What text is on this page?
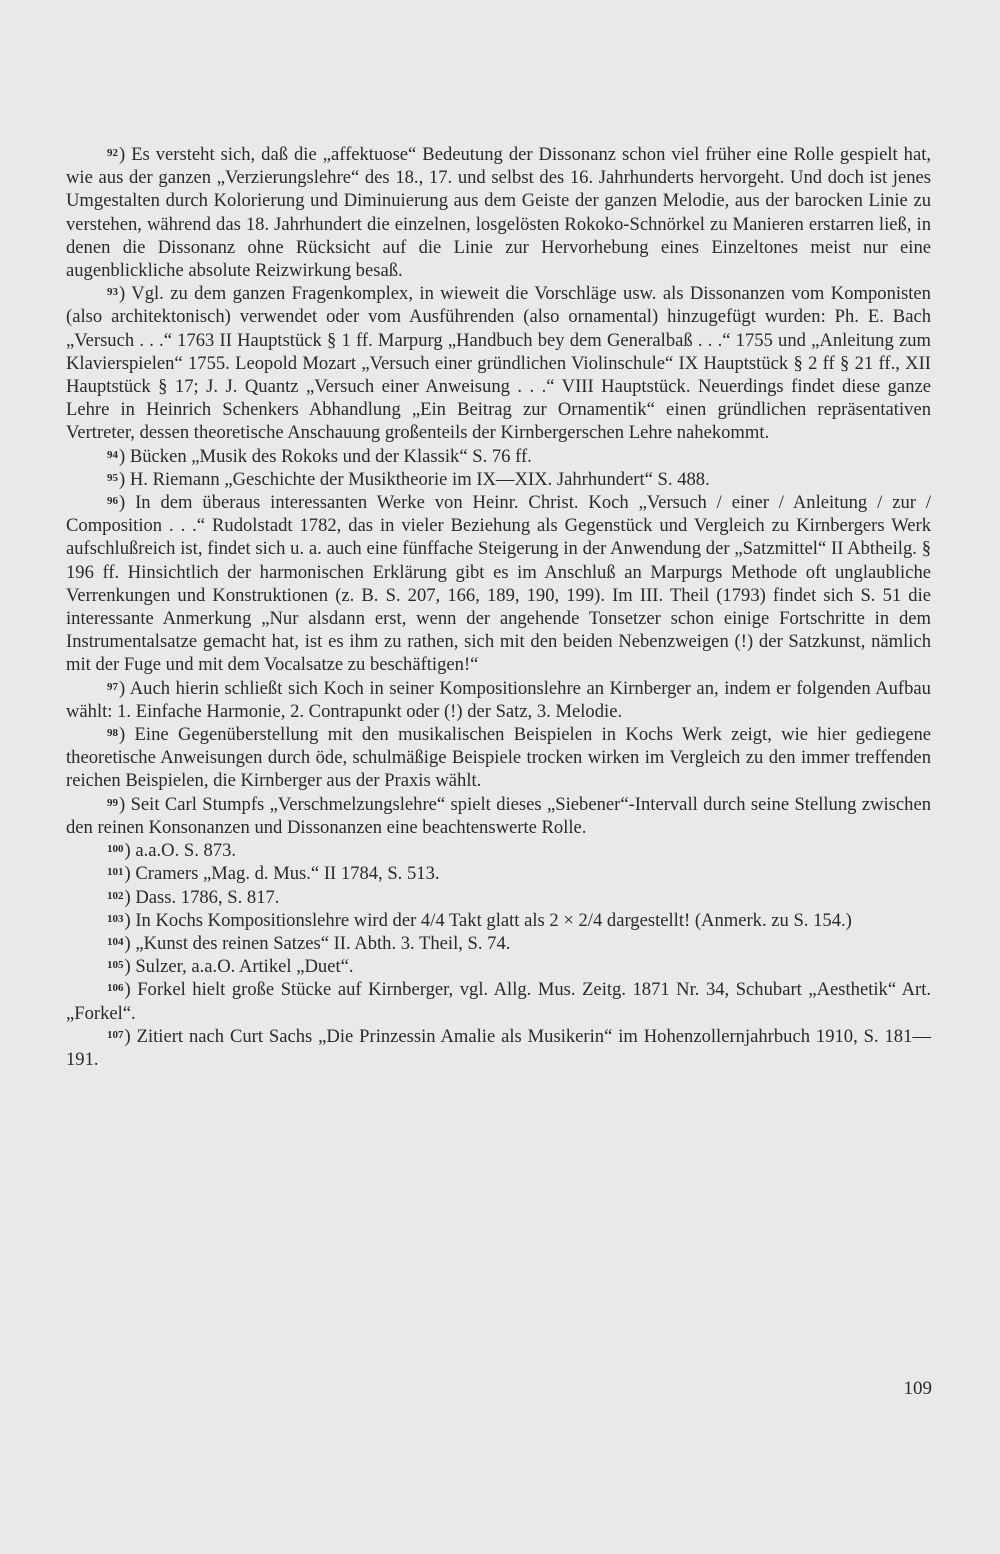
$^{92}$) Es versteht sich, daß die „affektuose“ Bedeutung der Dissonanz schon viel früher eine Rolle gespielt hat, wie aus der ganzen „Verzierungslehre“ des 18., 17. und selbst des 16. Jahrhunderts hervorgeht. Und doch ist jenes Umgestalten durch Kolorierung und Diminuierung aus dem Geiste der ganzen Melodie, aus der barocken Linie zu verstehen, während das 18. Jahrhundert die einzelnen, losgelösten Rokoko-Schnörkel zu Manieren erstarren ließ, in denen die Dissonanz ohne Rücksicht auf die Linie zur Hervorhebung eines Einzeltones meist nur eine augenblickliche absolute Reizwirkung besaß.

$^{93}$) Vgl. zu dem ganzen Fragenkomplex, in wieweit die Vorschläge usw. als Dissonanzen vom Komponisten (also architektonisch) verwendet oder vom Ausführenden (also ornamental) hinzugefügt wurden: Ph. E. Bach „Versuch . . .“ 1763 II Hauptstück § 1 ff. Marpurg „Handbuch bey dem Generalbaß . . .“ 1755 und „Anleitung zum Klavierspielen“ 1755. Leopold Mozart „Versuch einer gründlichen Violinschule“ IX Hauptstück § 2 ff § 21 ff., XII Hauptstück § 17; J. J. Quantz „Versuch einer Anweisung . . .“ VIII Hauptstück. Neuerdings findet diese ganze Lehre in Heinrich Schenkers Abhandlung „Ein Beitrag zur Ornamentik“ einen gründlichen repräsentativen Vertreter, dessen theoretische Anschauung großenteils der Kirnbergerschen Lehre nahekommt.

$^{94}$) Bücken „Musik des Rokoks und der Klassik“ S. 76 ff.

$^{95}$) H. Riemann „Geschichte der Musiktheorie im IX—XIX. Jahrhundert“ S. 488.

$^{96}$) In dem überaus interessanten Werke von Heinr. Christ. Koch „Versuch / einer / Anleitung / zur / Composition . . .“ Rudolstadt 1782, das in vieler Beziehung als Gegenstück und Vergleich zu Kirnbergers Werk aufschlußreich ist, findet sich u. a. auch eine fünffache Steigerung in der Anwendung der „Satzmittel“ II Abtheilg. § 196 ff. Hinsichtlich der harmonischen Erklärung gibt es im Anschluß an Marpurgs Methode oft unglaubliche Verrenkungen und Konstruktionen (z. B. S. 207, 166, 189, 190, 199). Im III. Theil (1793) findet sich S. 51 die interessante Anmerkung „Nur alsdann erst, wenn der angehende Tonsetzer schon einige Fortschritte in dem Instrumentalsatze gemacht hat, ist es ihm zu rathen, sich mit den beiden Nebenzweigen (!) der Satzkunst, nämlich mit der Fuge und mit dem Vocalsatze zu beschäftigen!“

$^{97}$) Auch hierin schließt sich Koch in seiner Kompositionslehre an Kirnberger an, indem er folgenden Aufbau wählt: 1. Einfache Harmonie, 2. Contrapunkt oder (!) der Satz, 3. Melodie.

$^{98}$) Eine Gegenüberstellung mit den musikalischen Beispielen in Kochs Werk zeigt, wie hier gediegene theoretische Anweisungen durch öde, schulmäßige Beispiele trocken wirken im Vergleich zu den immer treffenden reichen Beispielen, die Kirnberger aus der Praxis wählt.

$^{99}$) Seit Carl Stumpfs „Verschmelzungslehre“ spielt dieses „Siebener“-Intervall durch seine Stellung zwischen den reinen Konsonanzen und Dissonanzen eine beachtenswerte Rolle.

$^{100}$) a.a.O. S. 873.

$^{101}$) Cramers „Mag. d. Mus.“ II 1784, S. 513.

$^{102}$) Dass. 1786, S. 817.

$^{103}$) In Kochs Kompositionslehre wird der 4/4 Takt glatt als 2 × 2/4 dargestellt! (Anmerk. zu S. 154.)

$^{104}$) „Kunst des reinen Satzes“ II. Abth. 3. Theil, S. 74.

$^{105}$) Sulzer, a.a.O. Artikel „Duet“.

$^{106}$) Forkel hielt große Stücke auf Kirnberger, vgl. Allg. Mus. Zeitg. 1871 Nr. 34, Schubart „Aesthetik“ Art. „Forkel“.

$^{107}$) Zitiert nach Curt Sachs „Die Prinzessin Amalie als Musikerin“ im Hohenzollernjahrbuch 1910, S. 181—191.

109
